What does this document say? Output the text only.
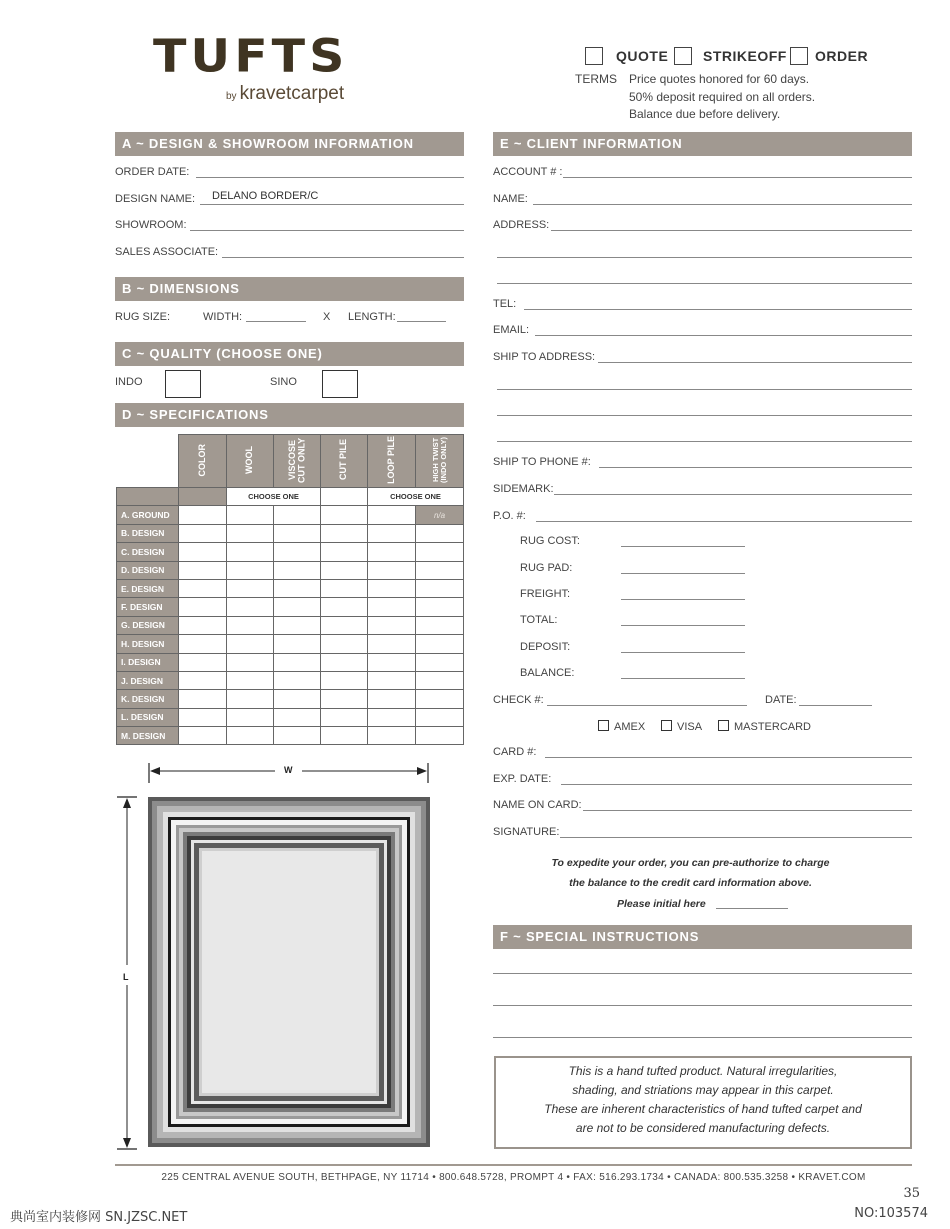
TUFTS
by kravetcarpet
QUOTE STRIKEOFF ORDER
TERMS Price quotes honored for 60 days.
50% deposit required on all orders.
Balance due before delivery.
A ~ DESIGN & SHOWROOM INFORMATION
ORDER DATE:
DESIGN NAME: DELANO BORDER/C
SHOWROOM:
SALES ASSOCIATE:
B ~ DIMENSIONS
RUG SIZE:	WIDTH:	X LENGTH:
C ~ QUALITY (CHOOSE ONE)
INDO	SINO
D ~ SPECIFICATIONS
	COLOR	WOOL	VISCOSE CUT ONLY	CUT PILE	LOOP PILE	HIGH TWIST (INDO ONLY)
		CHOOSE ONE			CHOOSE ONE	
A. GROUND						n/a
B. DESIGN						
C. DESIGN						
D. DESIGN						
E. DESIGN						
F. DESIGN						
G. DESIGN						
H. DESIGN						
I. DESIGN						
J. DESIGN						
K. DESIGN						
L. DESIGN						
M. DESIGN						
W
L
E ~ CLIENT INFORMATION
ACCOUNT # :
NAME:
ADDRESS:
TEL:
EMAIL:
SHIP TO ADDRESS:
SHIP TO PHONE #:
SIDEMARK:
P.O. #:
RUG COST:
RUG PAD:
FREIGHT:
TOTAL:
DEPOSIT:
BALANCE:
CHECK #:	DATE:
AMEX	VISA	MASTERCARD
CARD #:
EXP. DATE:
NAME ON CARD:
SIGNATURE:
To expedite your order, you can pre-authorize to charge
the balance to the credit card information above.
Please initial here
F ~ SPECIAL INSTRUCTIONS
This is a hand tufted product. Natural irregularities,
shading, and striations may appear in this carpet.
These are inherent characteristics of hand tufted carpet and
are not to be considered manufacturing defects.
225 CENTRAL AVENUE SOUTH, BETHPAGE, NY 11714 • 800.648.5728, PROMPT 4 • FAX: 516.293.1734 • CANADA: 800.535.3258 • KRAVET.COM
35
典尚室内装修网 SN.JZSC.NET	NO:103574
